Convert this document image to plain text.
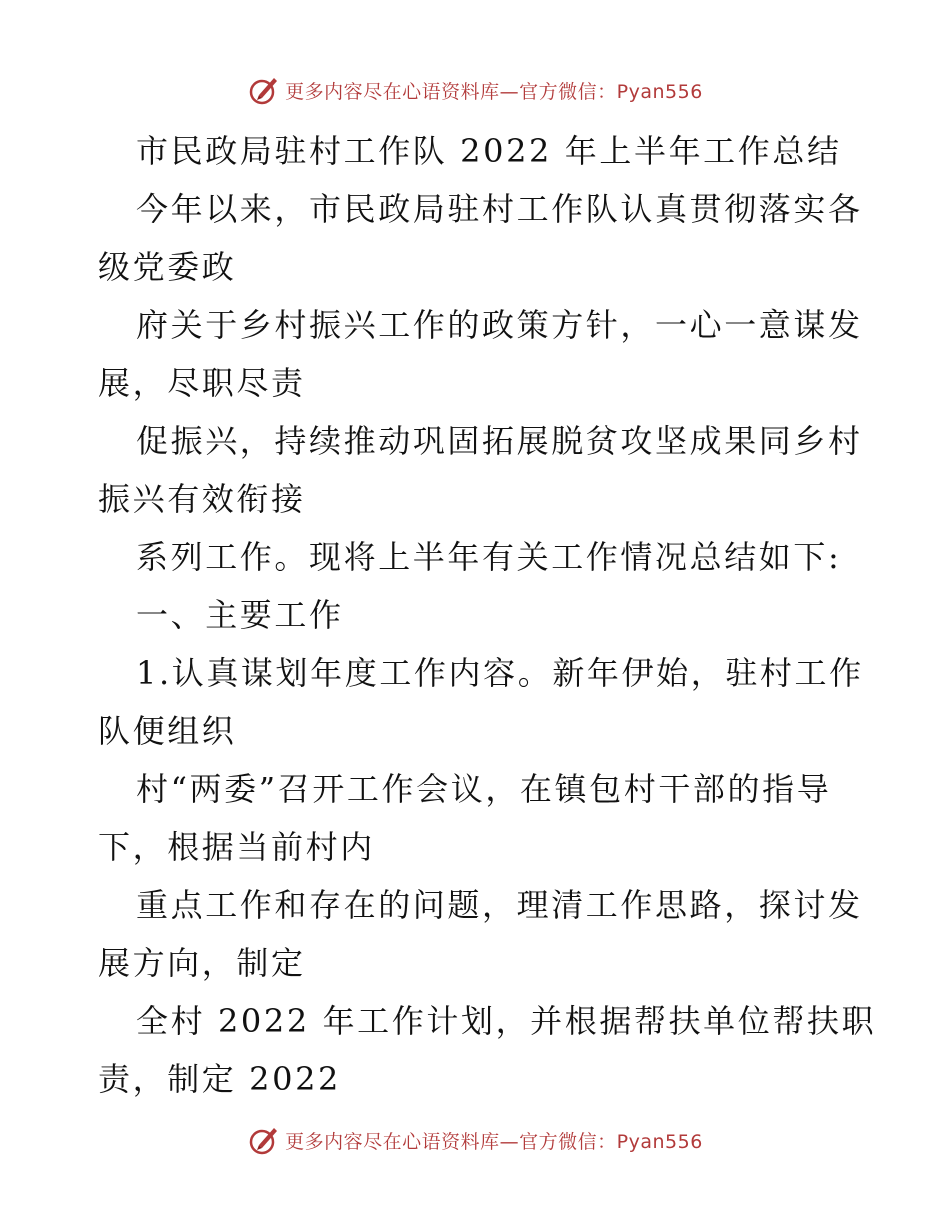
更多内容尽在心语资料库—官方微信：Pyan556
市民政局驻村工作队 2022 年上半年工作总结
今年以来，市民政局驻村工作队认真贯彻落实各
级党委政
府关于乡村振兴工作的政策方针，一心一意谋发
展，尽职尽责
促振兴，持续推动巩固拓展脱贫攻坚成果同乡村
振兴有效衔接
系列工作。现将上半年有关工作情况总结如下:
一、主要工作
1.认真谋划年度工作内容。新年伊始，驻村工作
队便组织
村“两委”召开工作会议，在镇包村干部的指导
下，根据当前村内
重点工作和存在的问题，理清工作思路，探讨发
展方向，制定
全村 2022 年工作计划，并根据帮扶单位帮扶职
责，制定 2022
更多内容尽在心语资料库—官方微信：Pyan556
